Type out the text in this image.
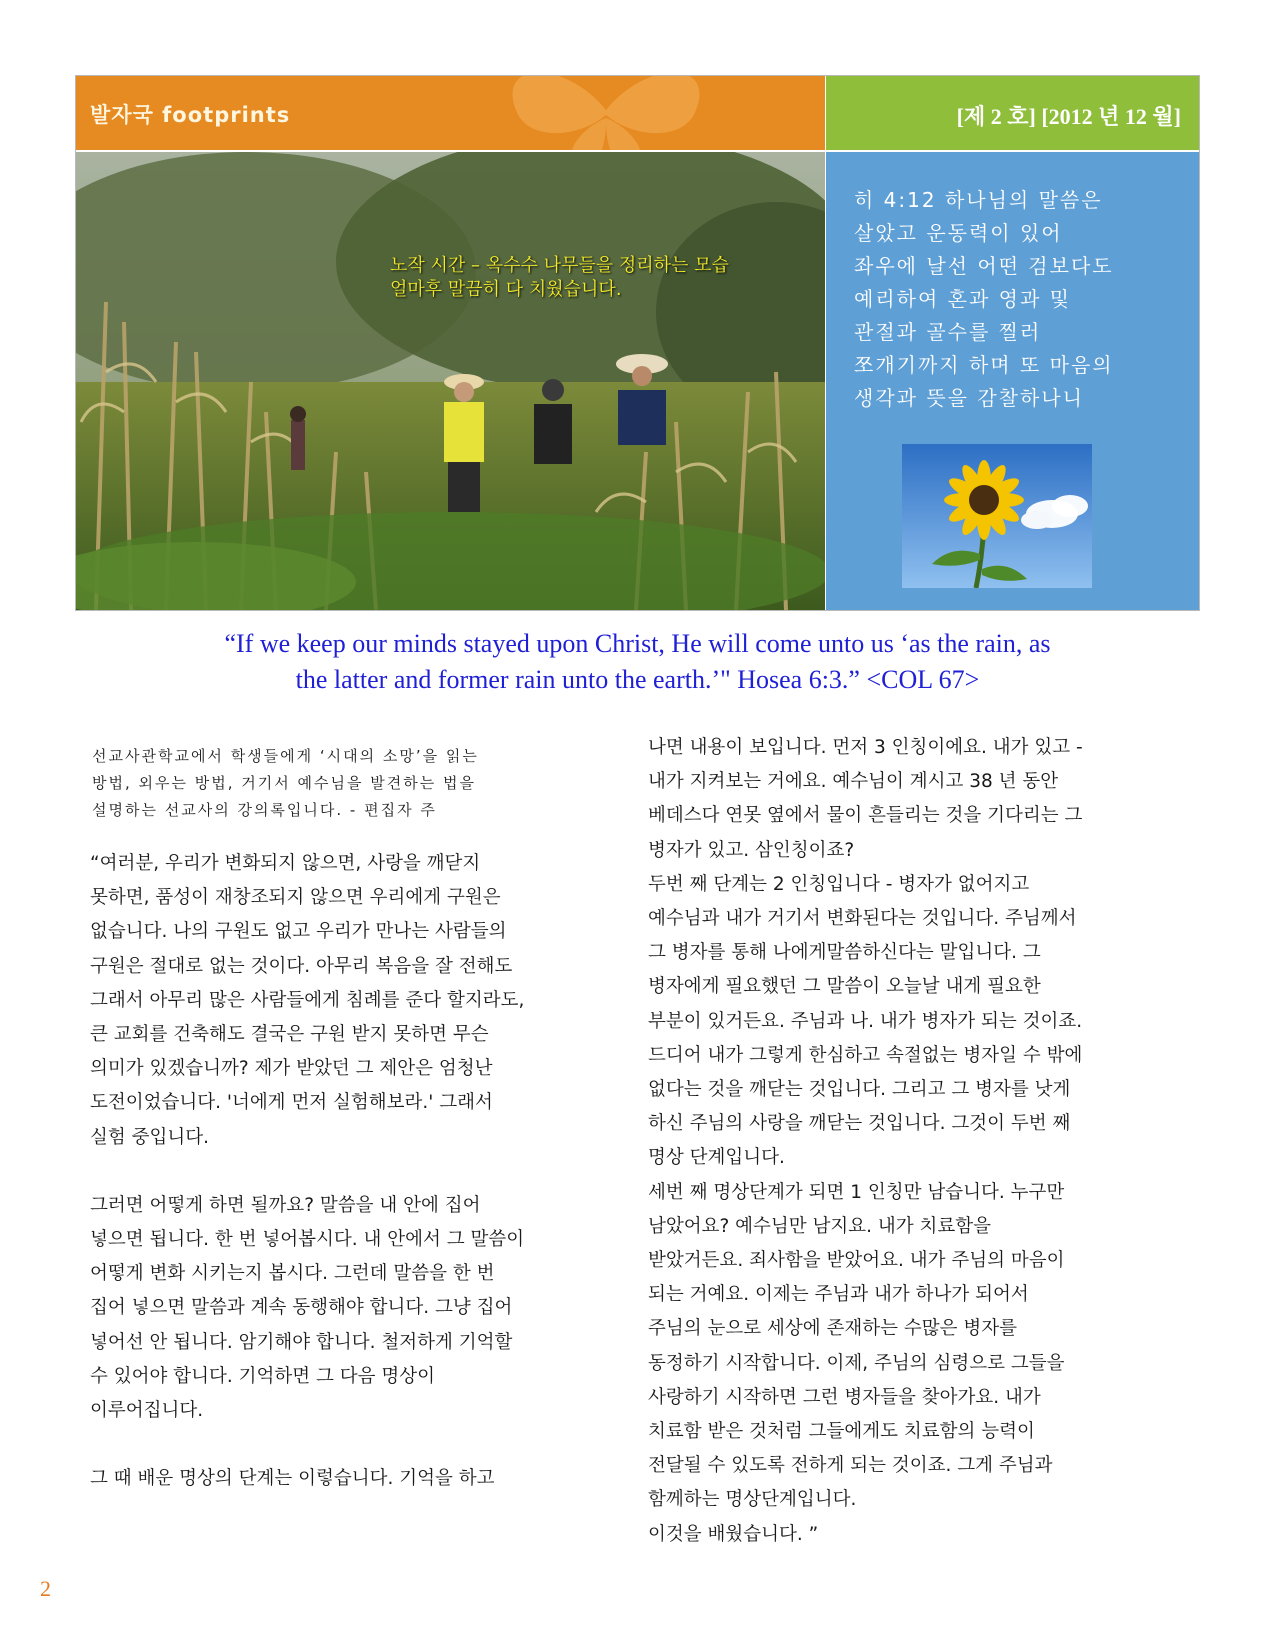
발자국 footprints	[제 2 호] [2012 년 12 월]
노작 시간 – 옥수수 나무들을 정리하는 모습
얼마후 말끔히 다 치웠습니다.
히 4:12 하나님의 말씀은
살았고 운동력이 있어
좌우에 날선 어떤 검보다도
예리하여 혼과 영과 및
관절과 골수를 찔러
쪼개기까지 하며 또 마음의
생각과 뜻을 감찰하나니
“If we keep our minds stayed upon Christ, He will come unto us ‘as the rain, as
the latter and former rain unto the earth.’" Hosea 6:3.” <COL 67>
선교사관학교에서 학생들에게 ‘시대의 소망’을 읽는
방법, 외우는 방법, 거기서 예수님을 발견하는 법을
설명하는 선교사의 강의록입니다. - 편집자 주

“여러분, 우리가 변화되지 않으면, 사랑을 깨닫지
못하면, 품성이 재창조되지 않으면 우리에게 구원은
없습니다. 나의 구원도 없고 우리가 만나는 사람들의
구원은 절대로 없는 것이다. 아무리 복음을 잘 전해도
그래서 아무리 많은 사람들에게 침례를 준다 할지라도,
큰 교회를 건축해도 결국은 구원 받지 못하면 무슨
의미가 있겠습니까? 제가 받았던 그 제안은 엄청난
도전이었습니다. '너에게 먼저 실험해보라.' 그래서
실험 중입니다.

그러면 어떻게 하면 될까요? 말씀을 내 안에 집어
넣으면 됩니다. 한 번 넣어봅시다. 내 안에서 그 말씀이
어떻게 변화 시키는지 봅시다. 그런데 말씀을 한 번
집어 넣으면 말씀과 계속 동행해야 합니다. 그냥 집어
넣어선 안 됩니다. 암기해야 합니다. 철저하게 기억할
수 있어야 합니다. 기억하면 그 다음 명상이
이루어집니다.

그 때 배운 명상의 단계는 이렇습니다. 기억을 하고

나면 내용이 보입니다. 먼저 3 인칭이에요. 내가 있고 -
내가 지켜보는 거에요. 예수님이 계시고 38 년 동안
베데스다 연못 옆에서 물이 흔들리는 것을 기다리는 그
병자가 있고. 삼인칭이죠?
두번 째 단계는 2 인칭입니다 - 병자가 없어지고
예수님과 내가 거기서 변화된다는 것입니다. 주님께서
그 병자를 통해 나에게말씀하신다는 말입니다. 그
병자에게 필요했던 그 말씀이 오늘날 내게 필요한
부분이 있거든요. 주님과 나. 내가 병자가 되는 것이죠.
드디어 내가 그렇게 한심하고 속절없는 병자일 수 밖에
없다는 것을 깨닫는 것입니다. 그리고 그 병자를 낫게
하신 주님의 사랑을 깨닫는 것입니다. 그것이 두번 째
명상 단계입니다.
세번 째 명상단계가 되면 1 인칭만 남습니다. 누구만
남았어요? 예수님만 남지요. 내가 치료함을
받았거든요. 죄사함을 받았어요. 내가 주님의 마음이
되는 거예요. 이제는 주님과 내가 하나가 되어서
주님의 눈으로 세상에 존재하는 수많은 병자를
동정하기 시작합니다. 이제, 주님의 심령으로 그들을
사랑하기 시작하면 그런 병자들을 찾아가요. 내가
치료함 받은 것처럼 그들에게도 치료함의 능력이
전달될 수 있도록 전하게 되는 것이죠. 그게 주님과
함께하는 명상단계입니다.
이것을 배웠습니다. ”
2
